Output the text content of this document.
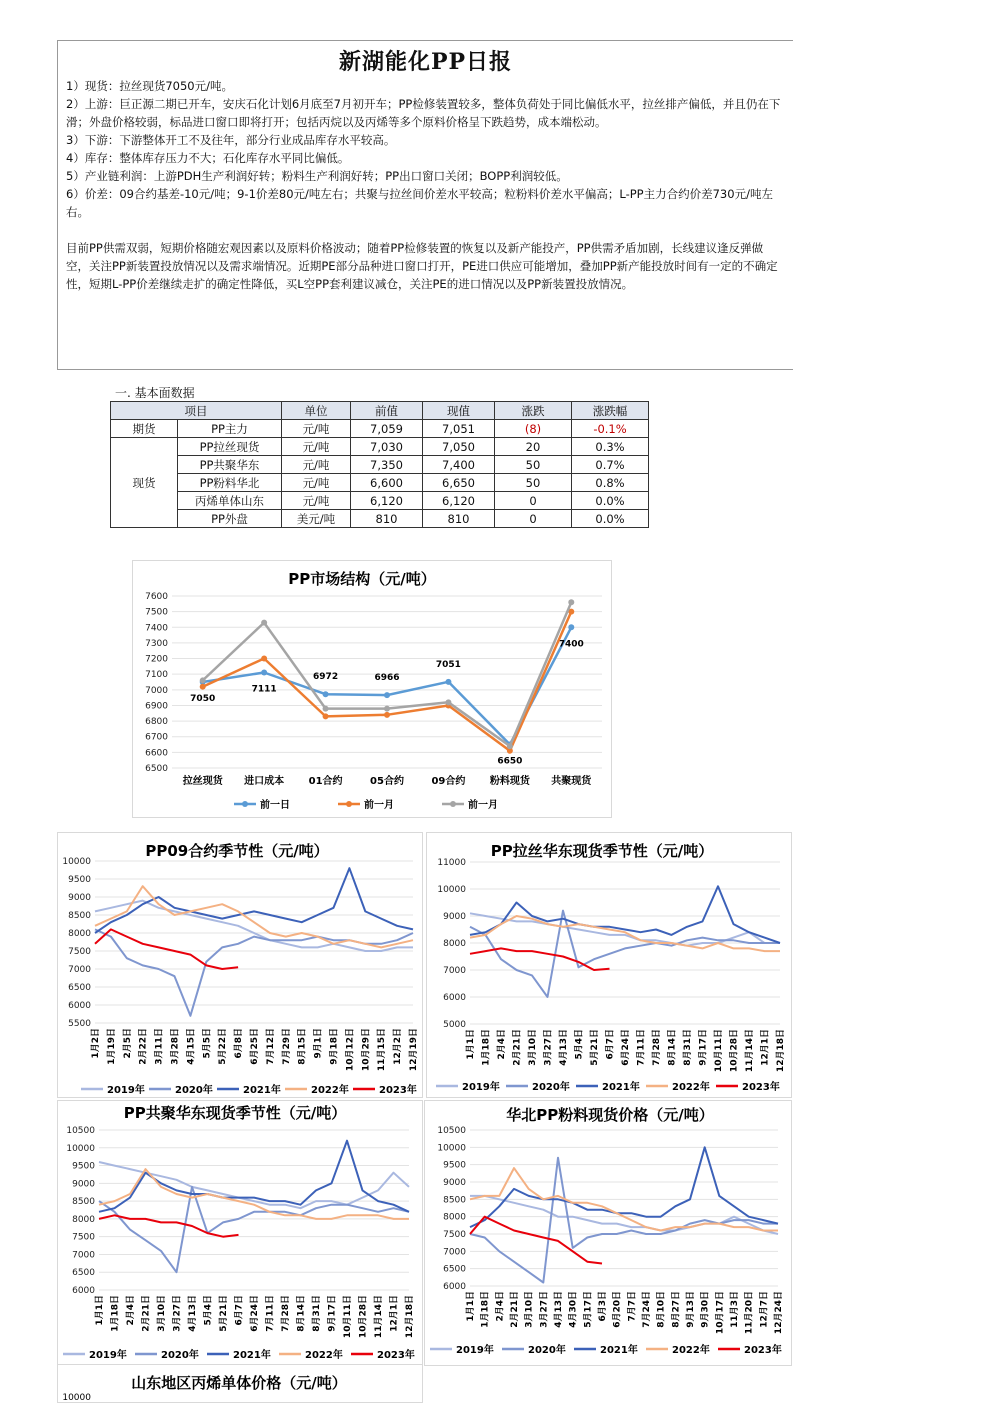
新湖能化PP日报

1）现货：拉丝现货7050元/吨。

2）上游：巨正源二期已开车，安庆石化计划6月底至7月初开车；PP检修装置较多，整体负荷处于同比偏低水平，拉丝排产偏低，并且仍在下滑；外盘价格较弱，标品进口窗口即将打开；包括丙烷以及丙烯等多个原料价格呈下跌趋势，成本端松动。

3）下游：下游整体开工不及往年，部分行业成品库存水平较高。

4）库存：整体库存压力不大；石化库存水平同比偏低。

5）产业链利润：上游PDH生产利润好转；粉料生产利润好转；PP出口窗口关闭；BOPP利润较低。

6）价差：09合约基差-10元/吨；9-1价差80元/吨左右；共聚与拉丝间价差水平较高；粒粉料价差水平偏高；L-PP主力合约价差730元/吨左右。

目前PP供需双弱，短期价格随宏观因素以及原料价格波动；随着PP检修装置的恢复以及新产能投产，PP供需矛盾加剧，长线建议逢反弹做空，关注PP新装置投放情况以及需求端情况。近期PE部分品种进口窗口打开，PE进口供应可能增加，叠加PP新产能投放时间有一定的不确定性，短期L-PP价差继续走扩的确定性降低，买L空PP套利建议减仓，关注PE的进口情况以及PP新装置投放情况。

一. 基本面数据
项目		单位	前值	现值	涨跌	涨跌幅
期货	PP主力	元/吨	7,059	7,051	(8)	-0.1%
现货	PP拉丝现货	元/吨	7,030	7,050	20	0.3%
	PP共聚华东	元/吨	7,350	7,400	50	0.7%
	PP粉料华北	元/吨	6,600	6,650	50	0.8%
	丙烯单体山东	元/吨	6,120	6,120	0	0.0%
	PP外盘	美元/吨	810	810	0	0.0%
PP市场结构（元/吨）
6500
6600
6700
6800
6900
7000
7100
7200
7300
7400
7500
7600
拉丝现货 进口成本 01合约	05合约	09合约 粉料现货 共聚现货
7050
7111
6972	6966
7051
6650
7400
前一日	前一月	前一月
PP09合约季节性（元/吨）
5500
6000
6500
7000
7500
8000
8500
9000
9500
10000
1月2日 1月19日 2月5日 2月22日 3月11日 3月28日 4月15日 5月5日 5月22日 6月8日 6月25日 7月12日 7月29日 8月15日 9月1日 9月18日 10月12日 10月29日 11月15日 12月2日 12月19日
2019年	2020年	2021年	2022年	2023年
PP拉丝华东现货季节性（元/吨）
5000
6000
7000
8000
9000
10000
11000
1月1日 1月18日 2月4日 2月21日 3月10日 3月27日 4月13日 5月4日 5月21日 6月7日 6月24日 7月11日 7月28日 8月14日 8月31日 9月17日 10月11日 10月28日 11月14日 12月1日 12月18日
2019年	2020年	2021年	2022年	2023年
PP共聚华东现货季节性（元/吨）
6000
6500
7000
7500
8000
8500
9000
9500
10000
10500
1月1日 1月18日 2月4日 2月21日 3月10日 3月27日 4月13日 5月4日 5月21日 6月7日 6月24日 7月11日 7月28日 8月14日 8月31日 9月17日 10月11日 10月28日 11月14日 12月1日 12月18日
2019年	2020年	2021年	2022年	2023年
华北PP粉料现货价格（元/吨）
6000
6500
7000
7500
8000
8500
9000
9500
10000
10500
1月1日 1月18日 2月4日 2月21日 3月10日 3月27日 4月13日 4月30日 5月17日 6月3日 6月20日 7月7日 7月24日 8月10日 8月27日 9月13日 9月30日 10月17日 11月3日 11月20日 12月7日 12月24日
2019年	2020年	2021年	2022年	2023年
山东地区丙烯单体价格（元/吨）
10000
